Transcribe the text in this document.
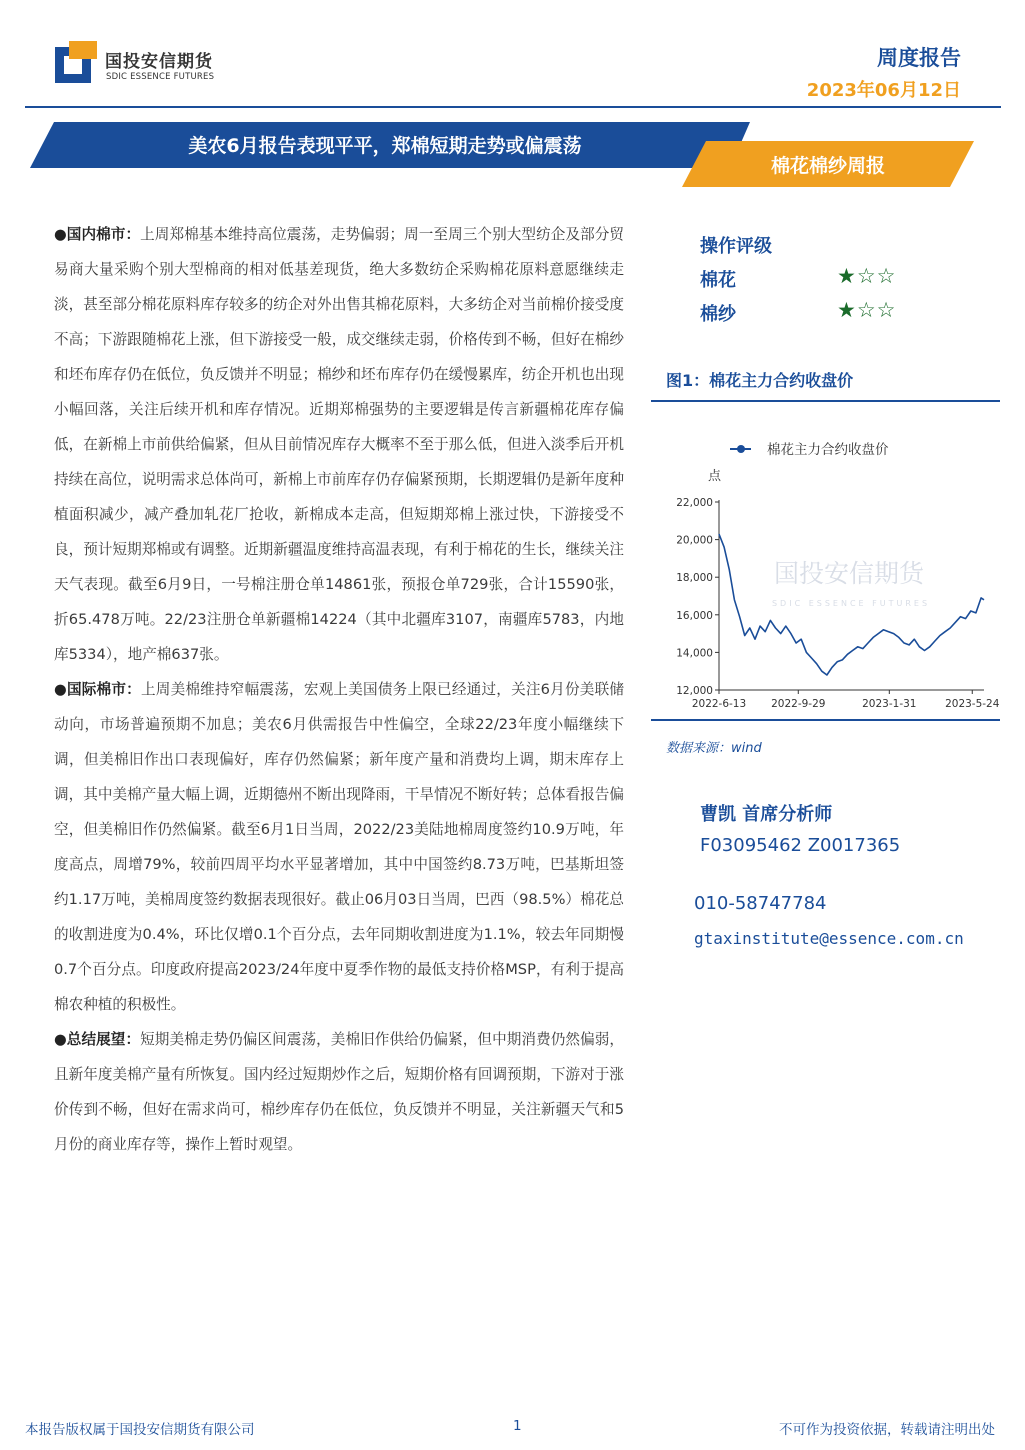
国投安信期货
SDIC ESSENCE FUTURES
周度报告
2023年06月12日
美农6月报告表现平平，郑棉短期走势或偏震荡
棉花棉纱周报

●国内棉市：上周郑棉基本维持高位震荡，走势偏弱；周一至周三个别大型纺企及部分贸易商大量采购个别大型棉商的相对低基差现货，绝大多数纺企采购棉花原料意愿继续走淡，甚至部分棉花原料库存较多的纺企对外出售其棉花原料，大多纺企对当前棉价接受度不高；下游跟随棉花上涨，但下游接受一般，成交继续走弱，价格传到不畅，但好在棉纱和坯布库存仍在低位，负反馈并不明显；棉纱和坯布库存仍在缓慢累库，纺企开机也出现小幅回落，关注后续开机和库存情况。近期郑棉强势的主要逻辑是传言新疆棉花库存偏低，在新棉上市前供给偏紧，但从目前情况库存大概率不至于那么低，但进入淡季后开机持续在高位，说明需求总体尚可，新棉上市前库存仍存偏紧预期，长期逻辑仍是新年度种植面积减少，减产叠加轧花厂抢收，新棉成本走高，但短期郑棉上涨过快，下游接受不良，预计短期郑棉或有调整。近期新疆温度维持高温表现，有利于棉花的生长，继续关注天气表现。截至6月9日，一号棉注册仓单14861张，预报仓单729张，合计15590张，折65.478万吨。22/23注册仓单新疆棉14224（其中北疆库3107，南疆库5783，内地库5334），地产棉637张。

●国际棉市：上周美棉维持窄幅震荡，宏观上美国债务上限已经通过，关注6月份美联储动向，市场普遍预期不加息；美农6月供需报告中性偏空，全球22/23年度小幅继续下调，但美棉旧作出口表现偏好，库存仍然偏紧；新年度产量和消费均上调，期末库存上调，其中美棉产量大幅上调，近期德州不断出现降雨，干旱情况不断好转；总体看报告偏空，但美棉旧作仍然偏紧。截至6月1日当周，2022/23美陆地棉周度签约10.9万吨，年度高点，周增79%，较前四周平均水平显著增加，其中中国签约8.73万吨，巴基斯坦签约1.17万吨，美棉周度签约数据表现很好。截止06月03日当周，巴西（98.5%）棉花总的收割进度为0.4%，环比仅增0.1个百分点，去年同期收割进度为1.1%，较去年同期慢0.7个百分点。印度政府提高2023/24年度中夏季作物的最低支持价格MSP，有利于提高棉农种植的积极性。

●总结展望：短期美棉走势仍偏区间震荡，美棉旧作供给仍偏紧，但中期消费仍然偏弱，且新年度美棉产量有所恢复。国内经过短期炒作之后，短期价格有回调预期，下游对于涨价传到不畅，但好在需求尚可，棉纱库存仍在低位，负反馈并不明显，关注新疆天气和5月份的商业库存等，操作上暂时观望。

操作评级
棉花	★☆☆
棉纱	★☆☆
图1：棉花主力合约收盘价
国投安信期货
SDIC ESSENCE FUTURES
棉花主力合约收盘价
点
22,000
20,000
18,000
16,000
14,000
12,000
2022-6-13 2022-9-29	2023-1-31	2023-5-24
数据来源：wind
曹凯 首席分析师
F03095462 Z0017365
010-58747784
gtaxinstitute@essence.com.cn
本报告版权属于国投安信期货有限公司	1	不可作为投资依据，转载请注明出处
